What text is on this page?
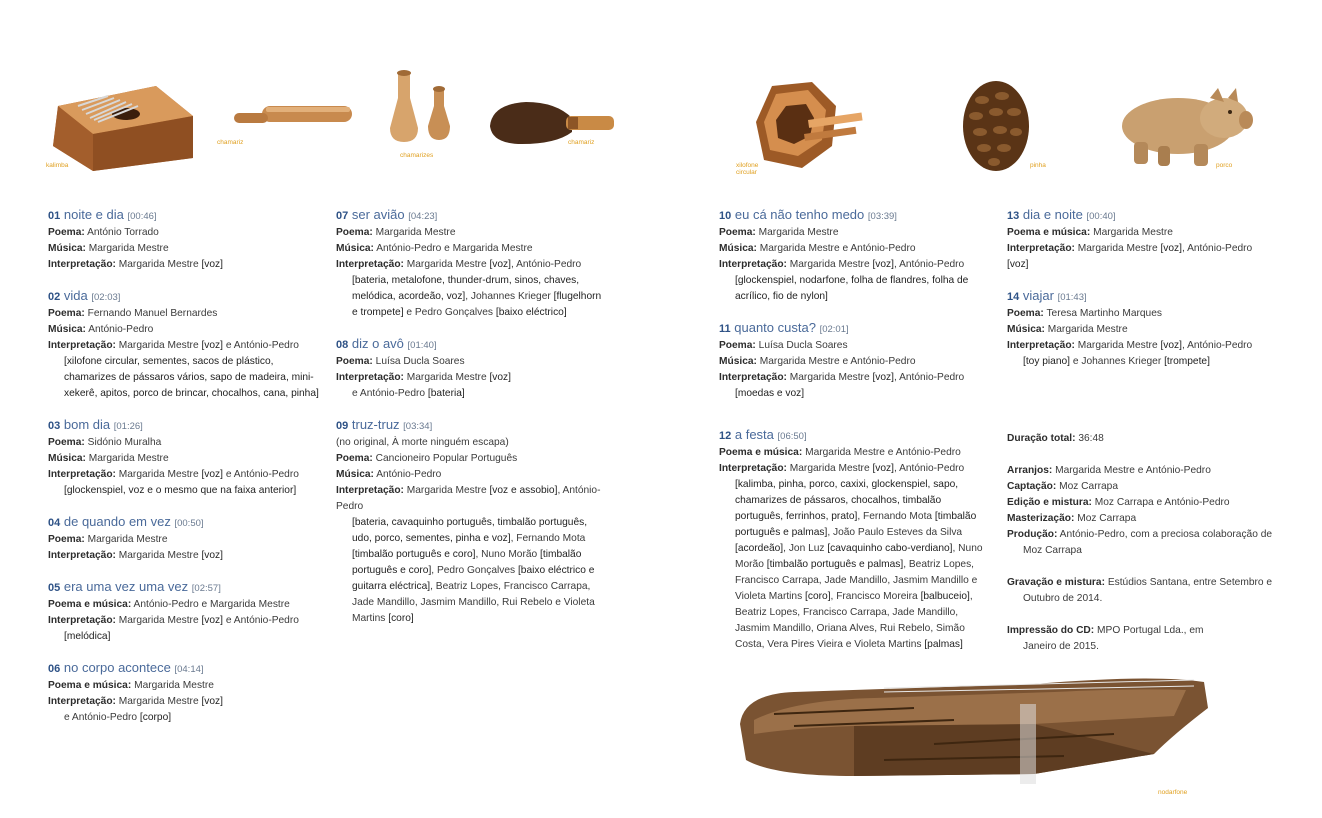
kalimba
chamariz
chamarizes
chamariz
xilofone circular
pinha	porco
nodarfone
01 noite e dia [00:46]
Poema: António Torrado
Música: Margarida Mestre
Interpretação: Margarida Mestre [voz]
02 vida [02:03]
Poema: Fernando Manuel Bernardes
Música: António-Pedro
Interpretação: Margarida Mestre [voz] e António-Pedro
[xilofone circular, sementes, sacos de plástico, chamarizes de pássaros vários, sapo de madeira, mini-xekerê, apitos, porco de brincar, chocalhos, cana, pinha]
03 bom dia [01:26]
Poema: Sidónio Muralha
Música: Margarida Mestre
Interpretação: Margarida Mestre [voz] e António-Pedro
[glockenspiel, voz e o mesmo que na faixa anterior]
04 de quando em vez [00:50]
Poema: Margarida Mestre
Interpretação: Margarida Mestre [voz]
05 era uma vez uma vez [02:57]
Poema e música: António-Pedro e Margarida Mestre
Interpretação: Margarida Mestre [voz] e António-Pedro
[melódica]
06 no corpo acontece [04:14]
Poema e música: Margarida Mestre
Interpretação: Margarida Mestre [voz]
e António-Pedro [corpo]
07 ser avião [04:23]
Poema: Margarida Mestre
Música: António-Pedro e Margarida Mestre
Interpretação: Margarida Mestre [voz], António-Pedro
[bateria, metalofone, thunder-drum, sinos, chaves, melódica, acordeão, voz], Johannes Krieger [flugelhorn e trompete] e Pedro Gonçalves [baixo eléctrico]
08 diz o avô [01:40]
Poema: Luísa Ducla Soares
Interpretação: Margarida Mestre [voz]
e António-Pedro [bateria]
09 truz-truz [03:34]
(no original, À morte ninguém escapa)
Poema: Cancioneiro Popular Português
Música: António-Pedro
Interpretação: Margarida Mestre [voz e assobio], António-Pedro
[bateria, cavaquinho português, timbalão português, udo, porco, sementes, pinha e voz], Fernando Mota [timbalão português e coro], Nuno Morão [timbalão português e coro], Pedro Gonçalves [baixo eléctrico e guitarra eléctrica], Beatriz Lopes, Francisco Carrapa, Jade Mandillo, Jasmim Mandillo, Rui Rebelo e Violeta Martins [coro]
10 eu cá não tenho medo [03:39]
Poema: Margarida Mestre
Música: Margarida Mestre e António-Pedro
Interpretação: Margarida Mestre [voz], António-Pedro
[glockenspiel, nodarfone, folha de flandres, folha de acrílico, fio de nylon]
11 quanto custa? [02:01]
Poema: Luísa Ducla Soares
Música: Margarida Mestre e António-Pedro
Interpretação: Margarida Mestre [voz], António-Pedro
[moedas e voz]
12 a festa [06:50]
Poema e música: Margarida Mestre e António-Pedro
Interpretação: Margarida Mestre [voz], António-Pedro
[kalimba, pinha, porco, caxixi, glockenspiel, sapo, chamarizes de pássaros, chocalhos, timbalão português, ferrinhos, prato], Fernando Mota [timbalão português e palmas], João Paulo Esteves da Silva [acordeão], Jon Luz [cavaquinho cabo-verdiano], Nuno Morão [timbalão português e palmas], Beatriz Lopes, Francisco Carrapa, Jade Mandillo, Jasmim Mandillo e Violeta Martins [coro], Francisco Moreira [balbuceio], Beatriz Lopes, Francisco Carrapa, Jade Mandillo, Jasmim Mandillo, Oriana Alves, Rui Rebelo, Simão Costa, Vera Pires Vieira e Violeta Martins [palmas]
13 dia e noite [00:40]
Poema e música: Margarida Mestre
Interpretação: Margarida Mestre [voz], António-Pedro [voz]
14 viajar [01:43]
Poema: Teresa Martinho Marques
Música: Margarida Mestre
Interpretação: Margarida Mestre [voz], António-Pedro
[toy piano] e Johannes Krieger [trompete]
Duração total: 36:48
Arranjos: Margarida Mestre e António-Pedro
Captação: Moz Carrapa
Edição e mistura: Moz Carrapa e António-Pedro
Masterização: Moz Carrapa
Produção: António-Pedro, com a preciosa colaboração de Moz Carrapa
Gravação e mistura: Estúdios Santana, entre Setembro e Outubro de 2014.
Impressão do CD: MPO Portugal Lda., em Janeiro de 2015.
